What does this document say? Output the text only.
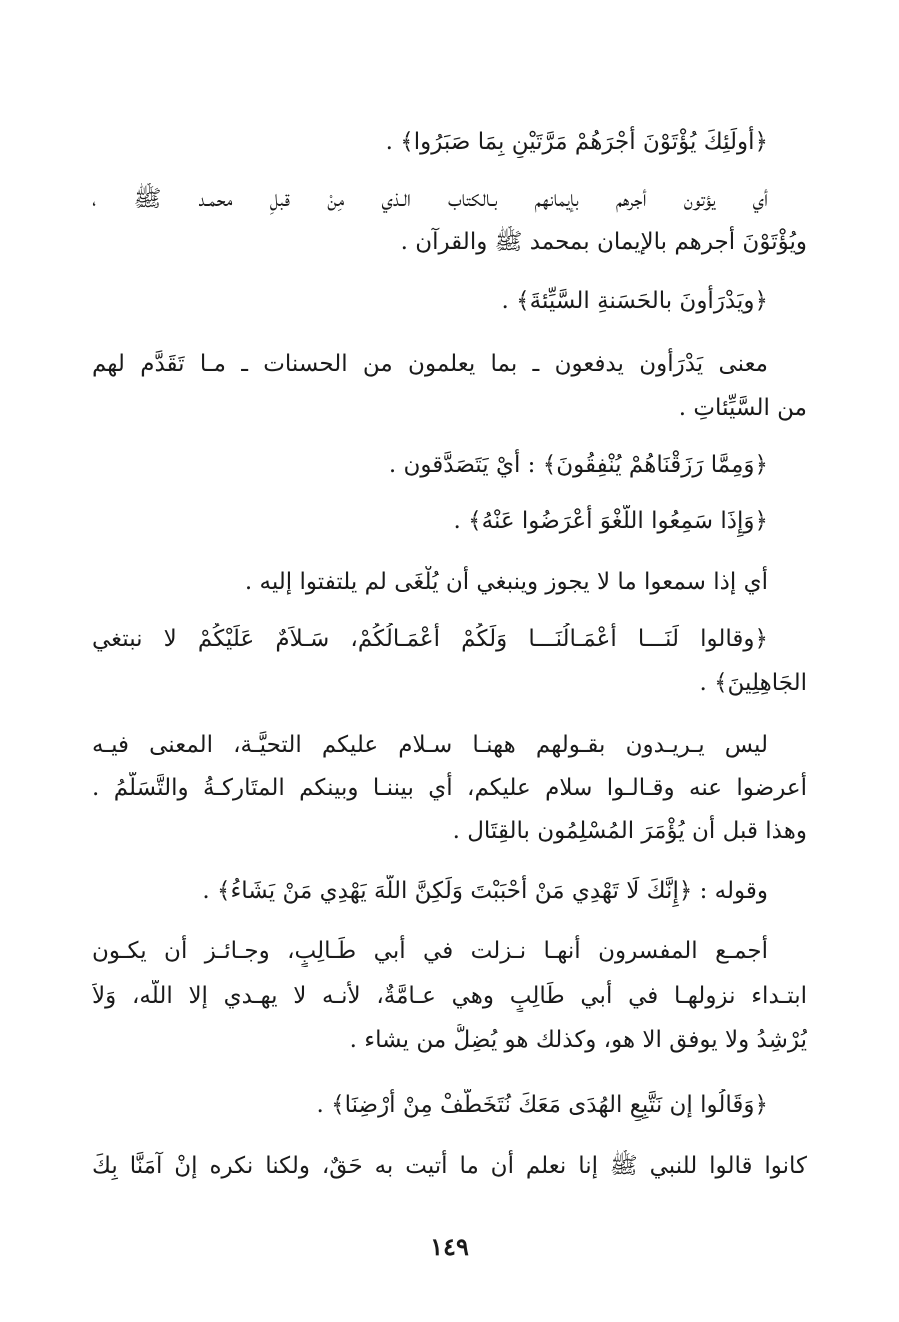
﴿أُولَئِكَ يُؤْتَوْنَ أَجْرَهُمْ مَرَّتَيْنِ بِمَا صَبَرُوا﴾ .
أي يؤتون أجرهم بإيمانهم بـالكتاب الـذي مِنْ قبلِ محمـد ﷺ ،
ويُؤْتَوْنَ أجرهم بالإيمان بمحمد ﷺ والقرآن .
﴿ويَدْرَأُونَ بالحَسَنةِ السَّيِّئةَ﴾ .
معنى يَدْرَأُون يدفعون ـ بما يعلمون من الحسنات ـ مـا تَقَدَّم لهم
من السَّيِّئاتِ .
﴿وَمِمَّا رَزَقْنَاهُمْ يُنْفِقُونَ﴾ : أيْ يَتَصَدَّقون .
﴿وَإِذَا سَمِعُوا اللَّغْوَ أَعْرَضُوا عَنْهُ﴾ .
أي إذا سمعوا ما لا يجوز وينبغي أن يُلْغَى لم يلتفتوا إليه .
﴿وقالوا لَنَـــا أَعْمَـالُنَـــا وَلَكُمْ أَعْمَـالُكُمْ، سَـلاَمٌ عَلَيْكُمْ لا نبتغي
الجَاهِلِينَ﴾ .
ليس يـريـدون بقـولهم ههنـا سـلام عليكم التحيَّـة، المعنى فيـه
أعرضوا عنه وقـالـوا سلام عليكم، أي بيننـا وبينكم المتَاركـةُ والتَّسَلُّمُ .
وهذا قبل أن يُؤْمَرَ المُسْلِمُون بالقِتَال .
وقوله : ﴿إِنَّكَ لَا تَهْدِي مَنْ أَحْبَبْتَ وَلَكِنَّ اللَّهَ يَهْدِي مَنْ يَشَاءُ﴾ .
أجمـع المفسرون أنهـا نـزلت في أَبي طَـالِبٍ، وجـائـز أن يكـون
ابتـداء نزولهـا في أبي طَالِبٍ وهي عـامَّةٌ، لأنـه لا يهـدي إلا اللَّه، وَلاَ
يُرْشِدُ ولا يوفق الا هو، وكذلك هو يُضِلُّ من يشاء .
﴿وَقَالُوا إن نَتَّبِعِ الهُدَى مَعَكَ نُتَخَطَّفْ مِنْ أَرْضِنَا﴾ .
كانوا قالوا للنبي ﷺ إنا نعلم أن ما أتيت به حَقٌ، ولكنا نكره إنْ آمَنَّا بِكَ
١٤٩
